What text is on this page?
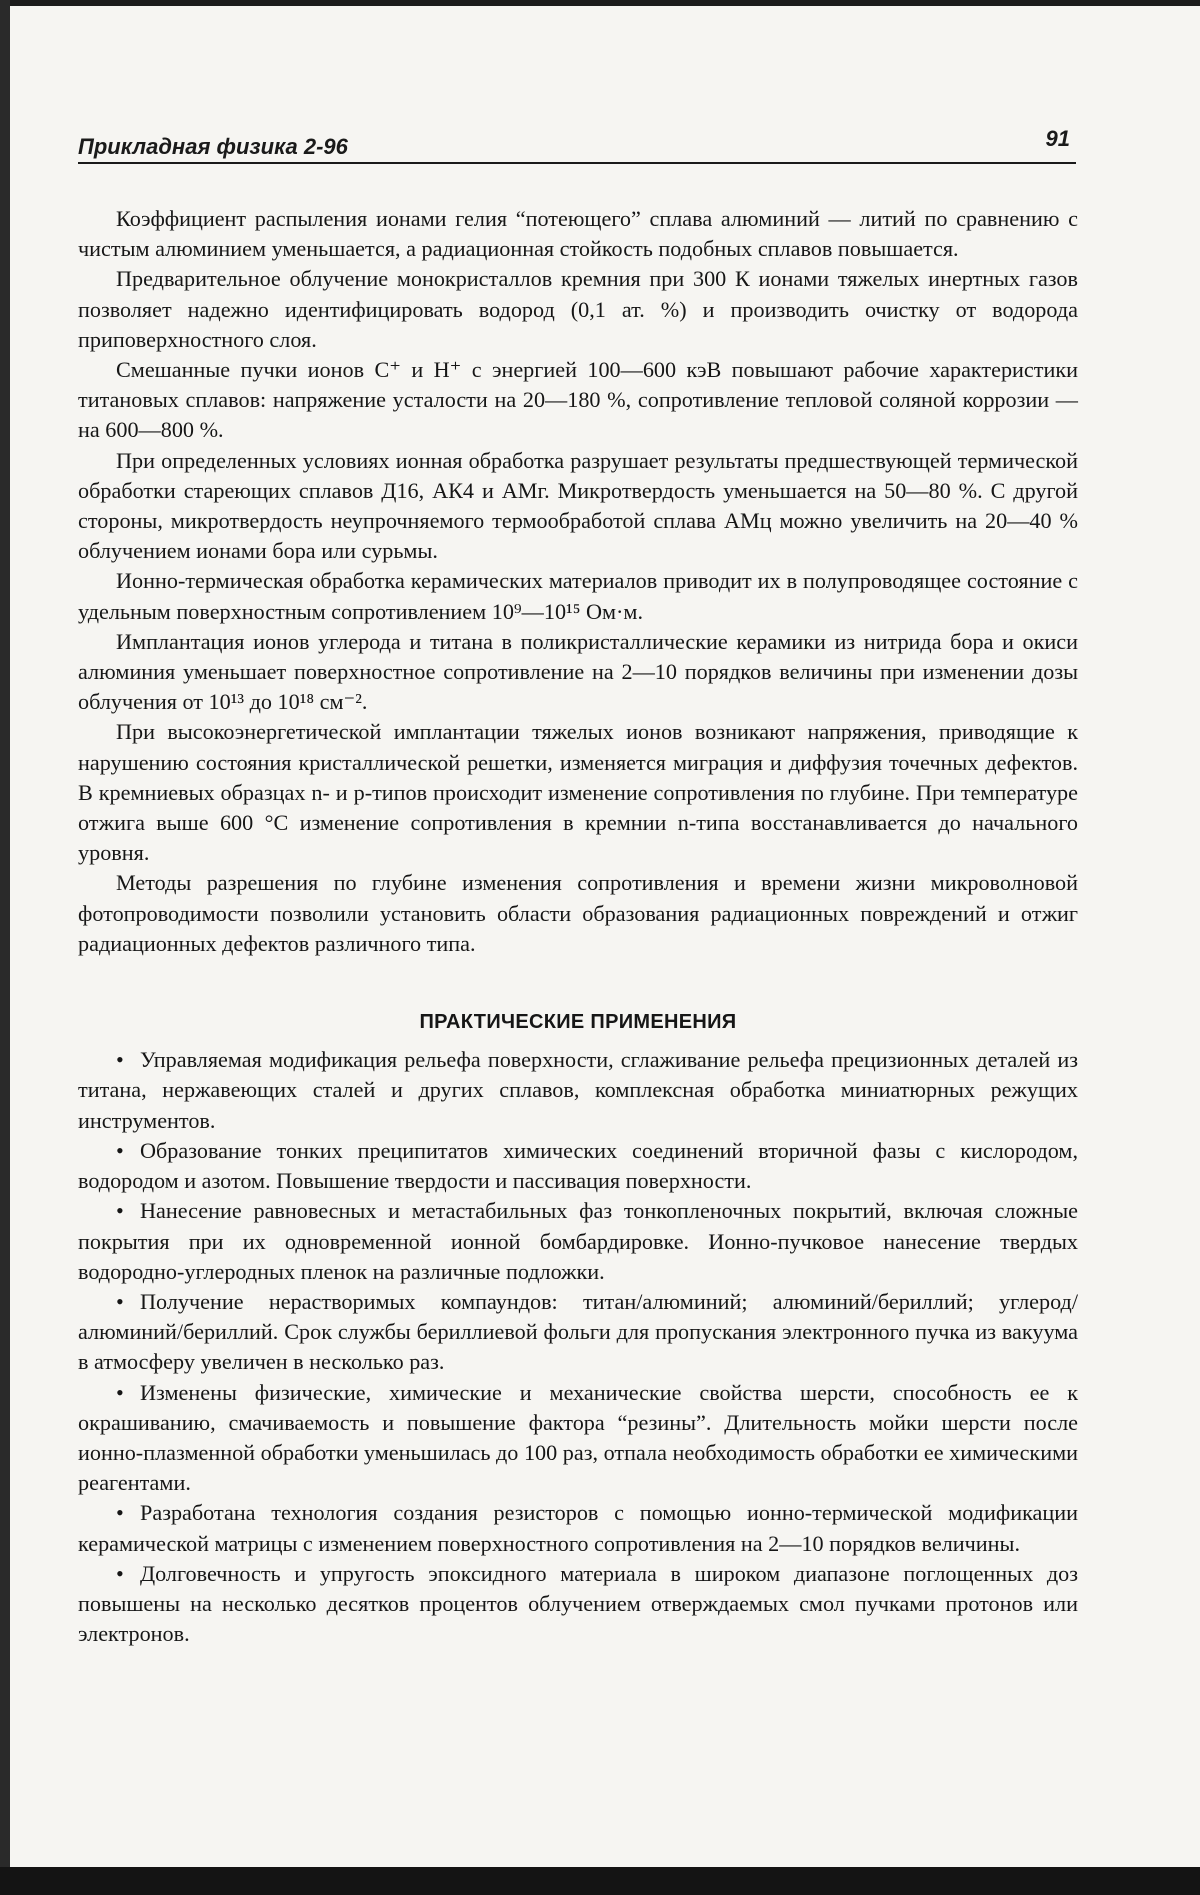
Прикладная физика 2-96	91

Коэффициент распыления ионами гелия “потеющего” сплава алюминий — литий по сравнению с чистым алюминием уменьшается, а радиационная стойкость подобных сплавов повышается.

Предварительное облучение монокристаллов кремния при 300 К ионами тяжелых инертных газов позволяет надежно идентифицировать водород (0,1 ат. %) и производить очистку от водорода приповерхностного слоя.

Смешанные пучки ионов C⁺ и H⁺ с энергией 100—600 кэВ повышают рабочие характеристики титановых сплавов: напряжение усталости на 20—180 %, сопротивление тепловой соляной коррозии — на 600—800 %.

При определенных условиях ионная обработка разрушает результаты предшествующей термической обработки стареющих сплавов Д16, АК4 и АМг. Микротвердость уменьшается на 50—80 %. С другой стороны, микротвердость неупрочняемого термообработой сплава АМц можно увеличить на 20—40 % облучением ионами бора или сурьмы.

Ионно-термическая обработка керамических материалов приводит их в полупроводящее состояние с удельным поверхностным сопротивлением 10⁹—10¹⁵ Ом·м.

Имплантация ионов углерода и титана в поликристаллические керамики из нитрида бора и окиси алюминия уменьшает поверхностное сопротивление на 2—10 порядков величины при изменении дозы облучения от 10¹³ до 10¹⁸ см⁻².

При высокоэнергетической имплантации тяжелых ионов возникают напряжения, приводящие к нарушению состояния кристаллической решетки, изменяется миграция и диффузия точечных дефектов. В кремниевых образцах n- и p-типов происходит изменение сопротивления по глубине. При температуре отжига выше 600 °C изменение сопротивления в кремнии n-типа восстанавливается до начального уровня.

Методы разрешения по глубине изменения сопротивления и времени жизни микроволновой фотопроводимости позволили установить области образования радиационных повреждений и отжиг радиационных дефектов различного типа.

ПРАКТИЧЕСКИЕ ПРИМЕНЕНИЯ
• Управляемая модификация рельефа поверхности, сглаживание рельефа прецизионных деталей из титана, нержавеющих сталей и других сплавов, комплексная обработка миниатюрных режущих инструментов.
• Образование тонких преципитатов химических соединений вторичной фазы с кислородом, водородом и азотом. Повышение твердости и пассивация поверхности.
• Нанесение равновесных и метастабильных фаз тонкопленочных покрытий, включая сложные покрытия при их одновременной ионной бомбардировке. Ионно-пучковое нанесение твердых водородно-углеродных пленок на различные подложки.
• Получение нерастворимых компаундов: титан/алюминий; алюминий/бериллий; углерод/алюминий/бериллий. Срок службы бериллиевой фольги для пропускания электронного пучка из вакуума в атмосферу увеличен в несколько раз.
• Изменены физические, химические и механические свойства шерсти, способность ее к окрашиванию, смачиваемость и повышение фактора “резины”. Длительность мойки шерсти после ионно-плазменной обработки уменьшилась до 100 раз, отпала необходимость обработки ее химическими реагентами.
• Разработана технология создания резисторов с помощью ионно-термической модификации керамической матрицы с изменением поверхностного сопротивления на 2—10 порядков величины.
• Долговечность и упругость эпоксидного материала в широком диапазоне поглощенных доз повышены на несколько десятков процентов облучением отверждаемых смол пучками протонов или электронов.
